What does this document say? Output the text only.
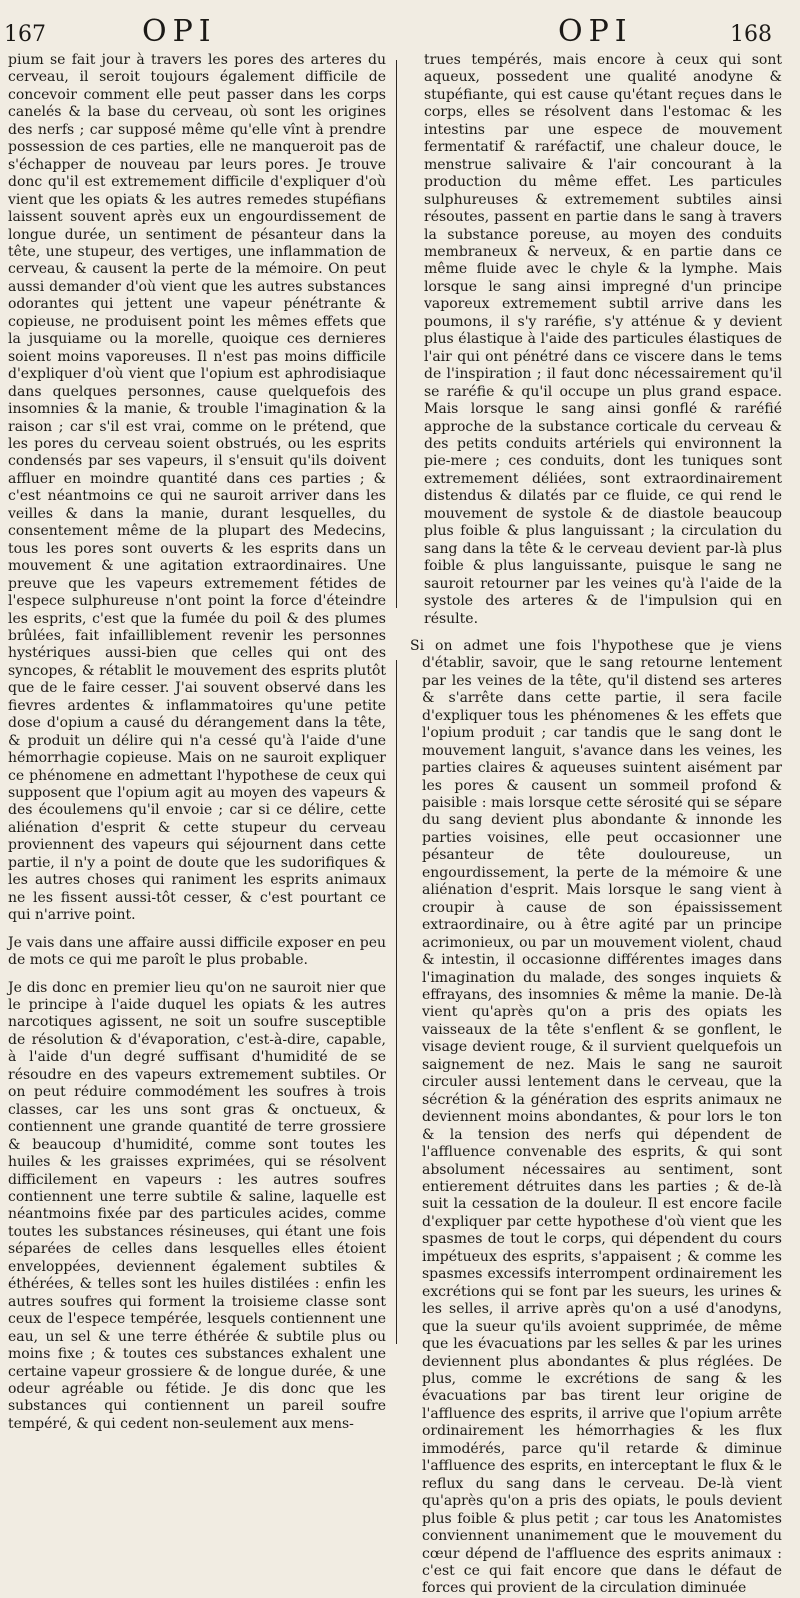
167	OPI	OPI	168

pium se fait jour à travers les pores des arteres du cerveau, il seroit toujours également difficile de concevoir comment elle peut passer dans les corps canelés & la base du cerveau, où sont les origines des nerfs ; car supposé même qu'elle vînt à prendre possession de ces parties, elle ne manqueroit pas de s'échapper de nouveau par leurs pores. Je trouve donc qu'il est extremement difficile d'expliquer d'où vient que les opiats & les autres remedes stupéfians laissent souvent après eux un engourdissement de longue durée, un sentiment de pésanteur dans la tête, une stupeur, des vertiges, une inflammation de cerveau, & causent la perte de la mémoire. On peut aussi demander d'où vient que les autres substances odorantes qui jettent une vapeur pénétrante & copieuse, ne produisent point les mêmes effets que la jusquiame ou la morelle, quoique ces dernieres soient moins vaporeuses. Il n'est pas moins difficile d'expliquer d'où vient que l'opium est aphrodisiaque dans quelques personnes, cause quelquefois des insomnies & la manie, & trouble l'imagination & la raison ; car s'il est vrai, comme on le prétend, que les pores du cerveau soient obstrués, ou les esprits condensés par ses vapeurs, il s'ensuit qu'ils doivent affluer en moindre quantité dans ces parties ; & c'est néantmoins ce qui ne sauroit arriver dans les veilles & dans la manie, durant lesquelles, du consentement même de la plupart des Medecins, tous les pores sont ouverts & les esprits dans un mouvement & une agitation extraordinaires. Une preuve que les vapeurs extremement fétides de l'espece sulphureuse n'ont point la force d'éteindre les esprits, c'est que la fumée du poil & des plumes brûlées, fait infailliblement revenir les personnes hystériques aussi-bien que celles qui ont des syncopes, & rétablit le mouvement des esprits plutôt que de le faire cesser. J'ai souvent observé dans les fievres ardentes & inflammatoires qu'une petite dose d'opium a causé du dérangement dans la tête, & produit un délire qui n'a cessé qu'à l'aide d'une hémorrhagie copieuse. Mais on ne sauroit expliquer ce phénomene en admettant l'hypothese de ceux qui supposent que l'opium agit au moyen des vapeurs & des écoulemens qu'il envoie ; car si ce délire, cette aliénation d'esprit & cette stupeur du cerveau proviennent des vapeurs qui séjournent dans cette partie, il n'y a point de doute que les sudorifiques & les autres choses qui raniment les esprits animaux ne les fissent aussi-tôt cesser, & c'est pourtant ce qui n'arrive point.

Je vais dans une affaire aussi difficile exposer en peu de mots ce qui me paroît le plus probable.

Je dis donc en premier lieu qu'on ne sauroit nier que le principe à l'aide duquel les opiats & les autres narcotiques agissent, ne soit un soufre susceptible de résolution & d'évaporation, c'est-à-dire, capable, à l'aide d'un degré suffisant d'humidité de se résoudre en des vapeurs extremement subtiles. Or on peut réduire commodément les soufres à trois classes, car les uns sont gras & onctueux, & contiennent une grande quantité de terre grossiere & beaucoup d'humidité, comme sont toutes les huiles & les graisses exprimées, qui se résolvent difficilement en vapeurs : les autres soufres contiennent une terre subtile & saline, laquelle est néantmoins fixée par des particules acides, comme toutes les substances résineuses, qui étant une fois séparées de celles dans lesquelles elles étoient enveloppées, deviennent également subtiles & éthérées, & telles sont les huiles distilées : enfin les autres soufres qui forment la troisieme classe sont ceux de l'espece tempérée, lesquels contiennent une eau, un sel & une terre éthérée & subtile plus ou moins fixe ; & toutes ces substances exhalent une certaine vapeur grossiere & de longue durée, & une odeur agréable ou fétide. Je dis donc que les substances qui contiennent un pareil soufre tempéré, & qui cedent non-seulement aux mens-

trues tempérés, mais encore à ceux qui sont aqueux, possedent une qualité anodyne & stupéfiante, qui est cause qu'étant reçues dans le corps, elles se résolvent dans l'estomac & les intestins par une espece de mouvement fermentatif & raréfactif, une chaleur douce, le menstrue salivaire & l'air concourant à la production du même effet. Les particules sulphureuses & extremement subtiles ainsi résoutes, passent en partie dans le sang à travers la substance poreuse, au moyen des conduits membraneux & nerveux, & en partie dans ce même fluide avec le chyle & la lymphe. Mais lorsque le sang ainsi impregné d'un principe vaporeux extremement subtil arrive dans les poumons, il s'y raréfie, s'y atténue & y devient plus élastique à l'aide des particules élastiques de l'air qui ont pénétré dans ce viscere dans le tems de l'inspiration ; il faut donc nécessairement qu'il se raréfie & qu'il occupe un plus grand espace. Mais lorsque le sang ainsi gonflé & raréfié approche de la substance corticale du cerveau & des petits conduits artériels qui environnent la pie-mere ; ces conduits, dont les tuniques sont extremement déliées, sont extraordinairement distendus & dilatés par ce fluide, ce qui rend le mouvement de systole & de diastole beaucoup plus foible & plus languissant ; la circulation du sang dans la tête & le cerveau devient par-là plus foible & plus languissante, puisque le sang ne sauroit retourner par les veines qu'à l'aide de la systole des arteres & de l'impulsion qui en résulte.

Si on admet une fois l'hypothese que je viens d'établir, savoir, que le sang retourne lentement par les veines de la tête, qu'il distend ses arteres & s'arrête dans cette partie, il sera facile d'expliquer tous les phénomenes & les effets que l'opium produit ; car tandis que le sang dont le mouvement languit, s'avance dans les veines, les parties claires & aqueuses suintent aisément par les pores & causent un sommeil profond & paisible : mais lorsque cette sérosité qui se sépare du sang devient plus abondante & innonde les parties voisines, elle peut occasionner une pésanteur de tête douloureuse, un engourdissement, la perte de la mémoire & une aliénation d'esprit. Mais lorsque le sang vient à croupir à cause de son épaississement extraordinaire, ou à être agité par un principe acrimonieux, ou par un mouvement violent, chaud & intestin, il occasionne différentes images dans l'imagination du malade, des songes inquiets & effrayans, des insomnies & même la manie. De-là vient qu'après qu'on a pris des opiats les vaisseaux de la tête s'enflent & se gonflent, le visage devient rouge, & il survient quelquefois un saignement de nez. Mais le sang ne sauroit circuler aussi lentement dans le cerveau, que la sécrétion & la génération des esprits animaux ne deviennent moins abondantes, & pour lors le ton & la tension des nerfs qui dépendent de l'affluence convenable des esprits, & qui sont absolument nécessaires au sentiment, sont entierement détruites dans les parties ; & de-là suit la cessation de la douleur. Il est encore facile d'expliquer par cette hypothese d'où vient que les spasmes de tout le corps, qui dépendent du cours impétueux des esprits, s'appaisent ; & comme les spasmes excessifs interrompent ordinairement les excrétions qui se font par les sueurs, les urines & les selles, il arrive après qu'on a usé d'anodyns, que la sueur qu'ils avoient supprimée, de même que les évacuations par les selles & par les urines deviennent plus abondantes & plus réglées. De plus, comme le excrétions de sang & les évacuations par bas tirent leur origine de l'affluence des esprits, il arrive que l'opium arrête ordinairement les hémorrhagies & les flux immodérés, parce qu'il retarde & diminue l'affluence des esprits, en interceptant le flux & le reflux du sang dans le cerveau. De-là vient qu'après qu'on a pris des opiats, le pouls devient plus foible & plus petit ; car tous les Anatomistes conviennent unanimement que le mouvement du cœur dépend de l'affluence des esprits animaux : c'est ce qui fait encore que dans le défaut de forces qui provient de la circulation diminuée
